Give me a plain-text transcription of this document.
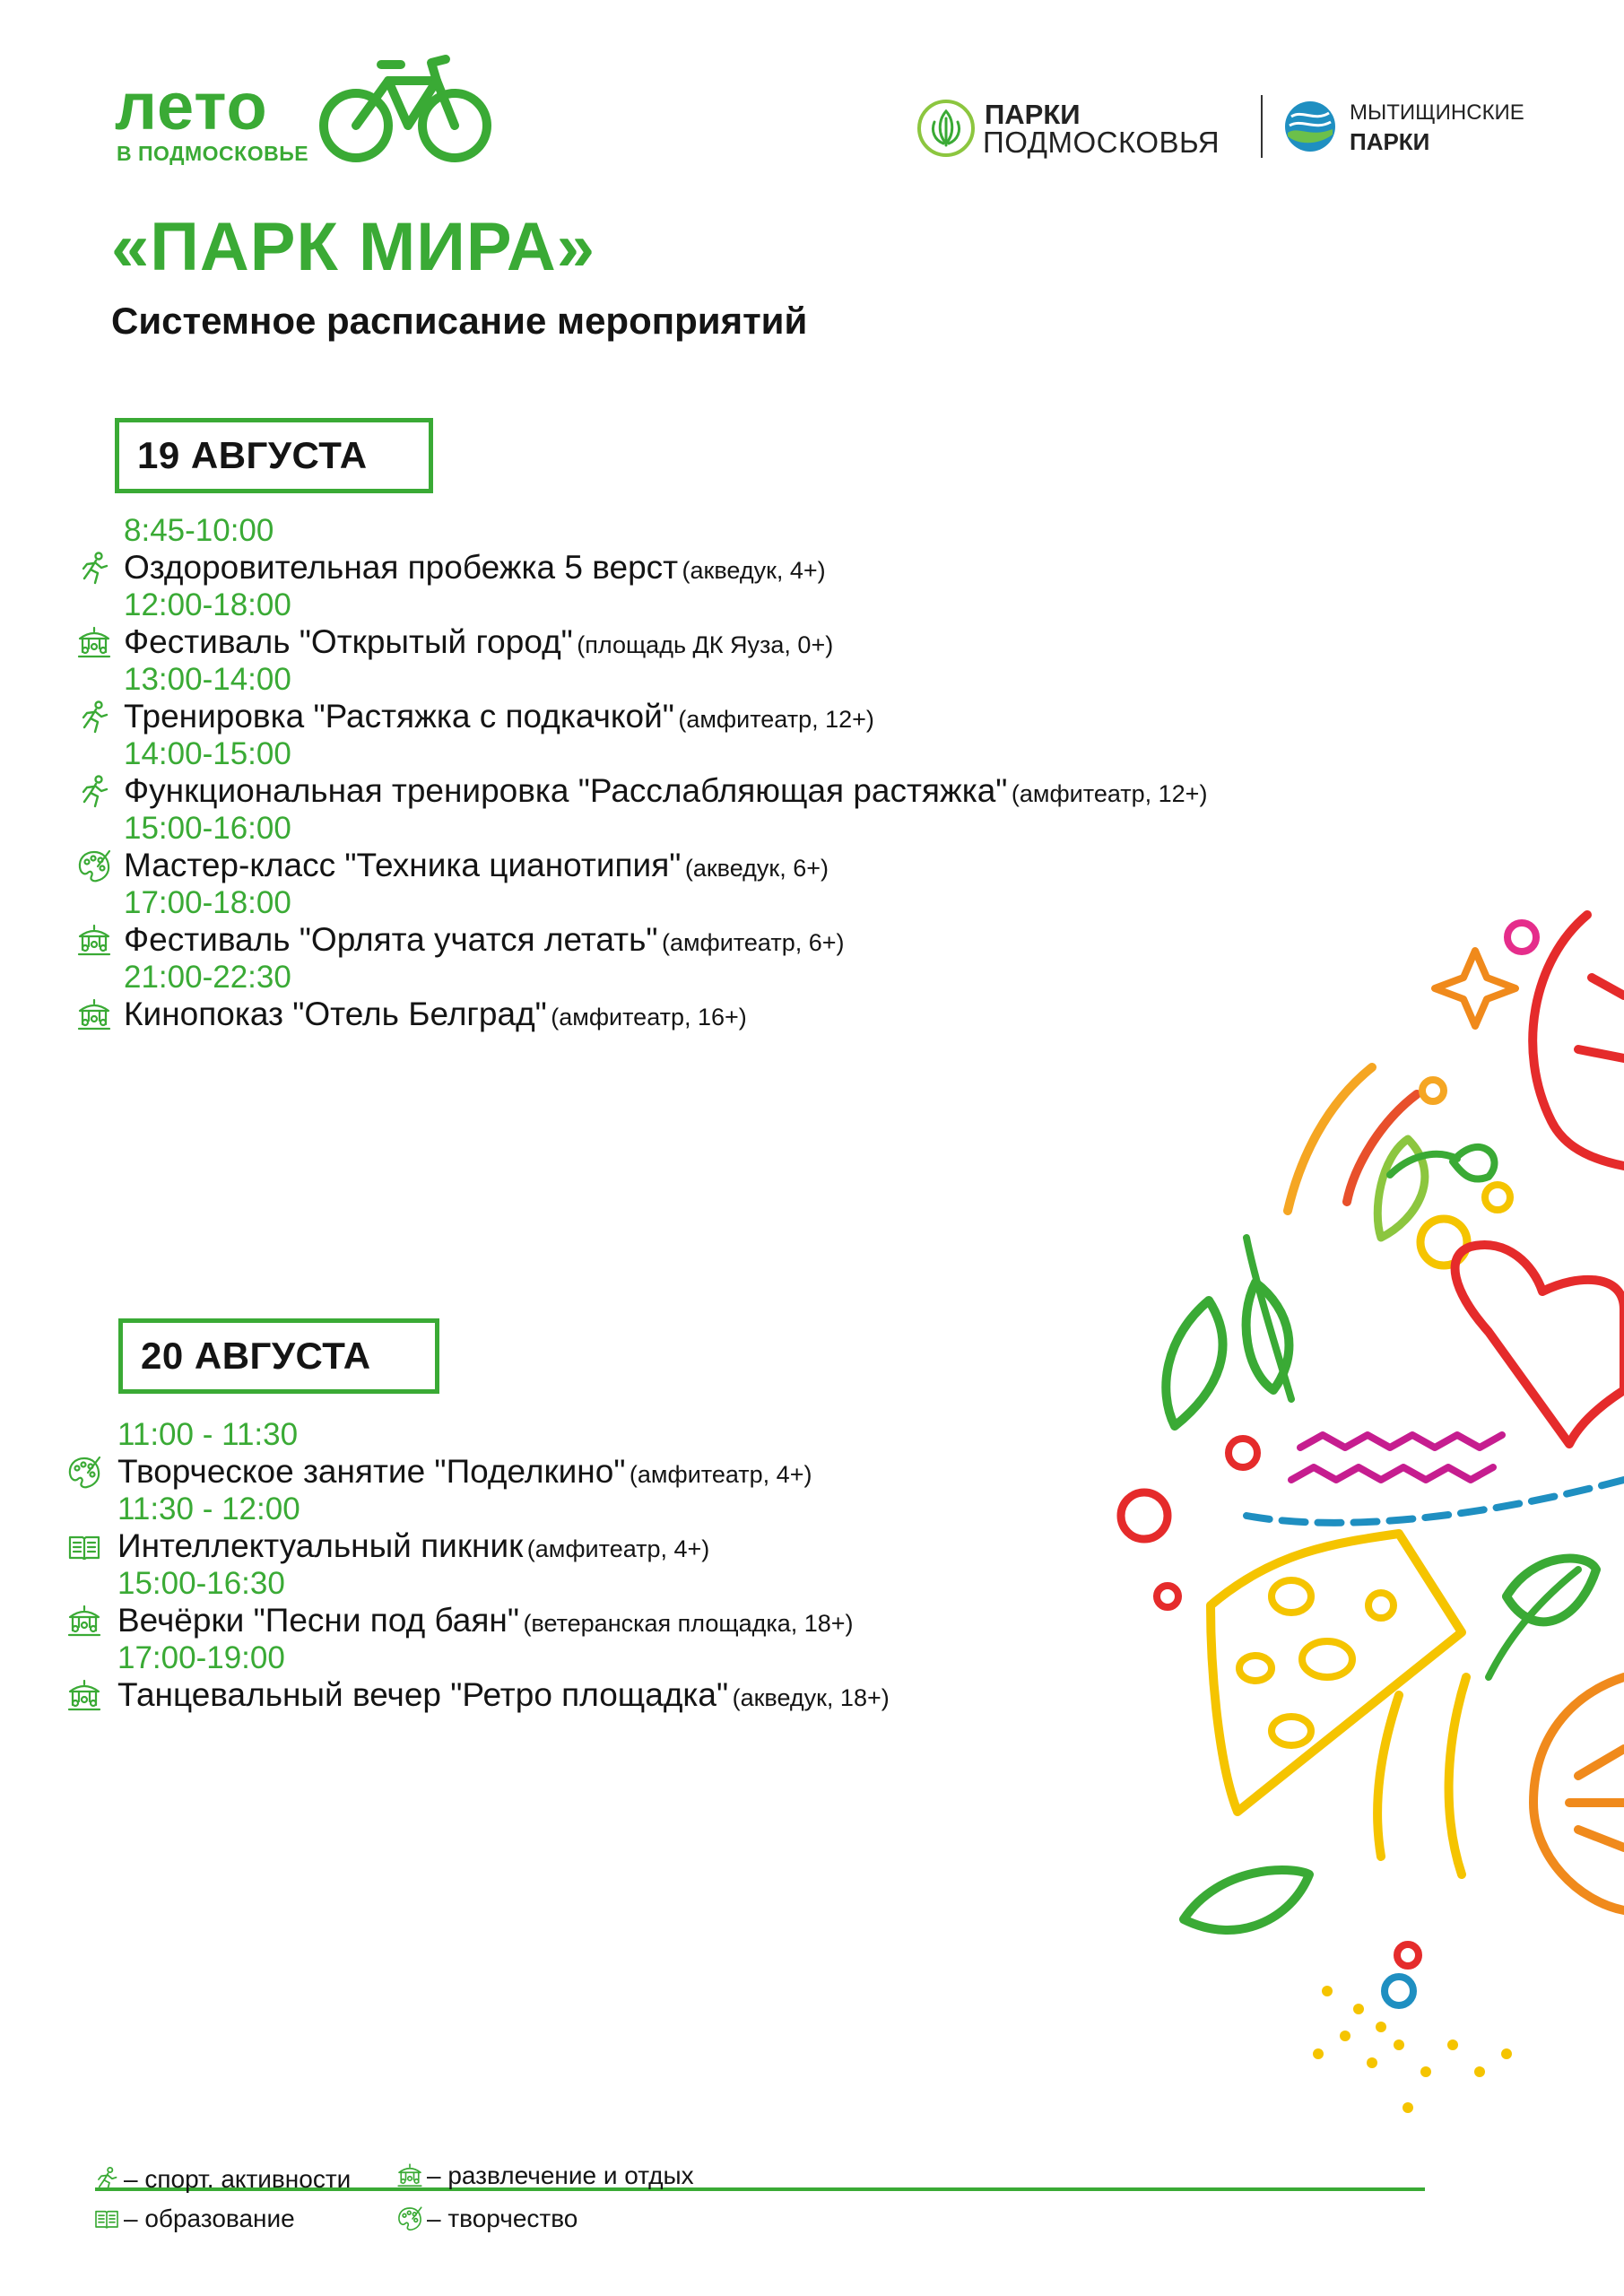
лето
В ПОДМОСКОВЬЕ
ПАРКИ
ПОДМОСКОВЬЯ
МЫТИЩИНСКИЕ
ПАРКИ
«ПАРК МИРА»
Системное расписание мероприятий
19 АВГУСТА
8:45-10:00
Оздоровительная пробежка 5 верст (акведук, 4+)
12:00-18:00
Фестиваль "Открытый город" (площадь ДК Яуза, 0+)
13:00-14:00
Тренировка "Растяжка с подкачкой" (амфитеатр, 12+)
14:00-15:00
Функциональная тренировка "Расслабляющая растяжка" (амфитеатр, 12+)
15:00-16:00
Мастер-класс "Техника цианотипия" (акведук, 6+)
17:00-18:00
Фестиваль "Орлята учатся летать" (амфитеатр, 6+)
21:00-22:30
Кинопоказ "Отель Белград" (амфитеатр, 16+)
20 АВГУСТА
11:00 - 11:30
Творческое занятие "Поделкино" (амфитеатр, 4+)
11:30 - 12:00
Интеллектуальный пикник (амфитеатр, 4+)
15:00-16:30
Вечёрки "Песни под баян" (ветеранская площадка, 18+)
17:00-19:00
Танцевальный вечер "Ретро площадка" (акведук, 18+)
– спорт. активности	– развлечение и отдых
– образование	– творчество
